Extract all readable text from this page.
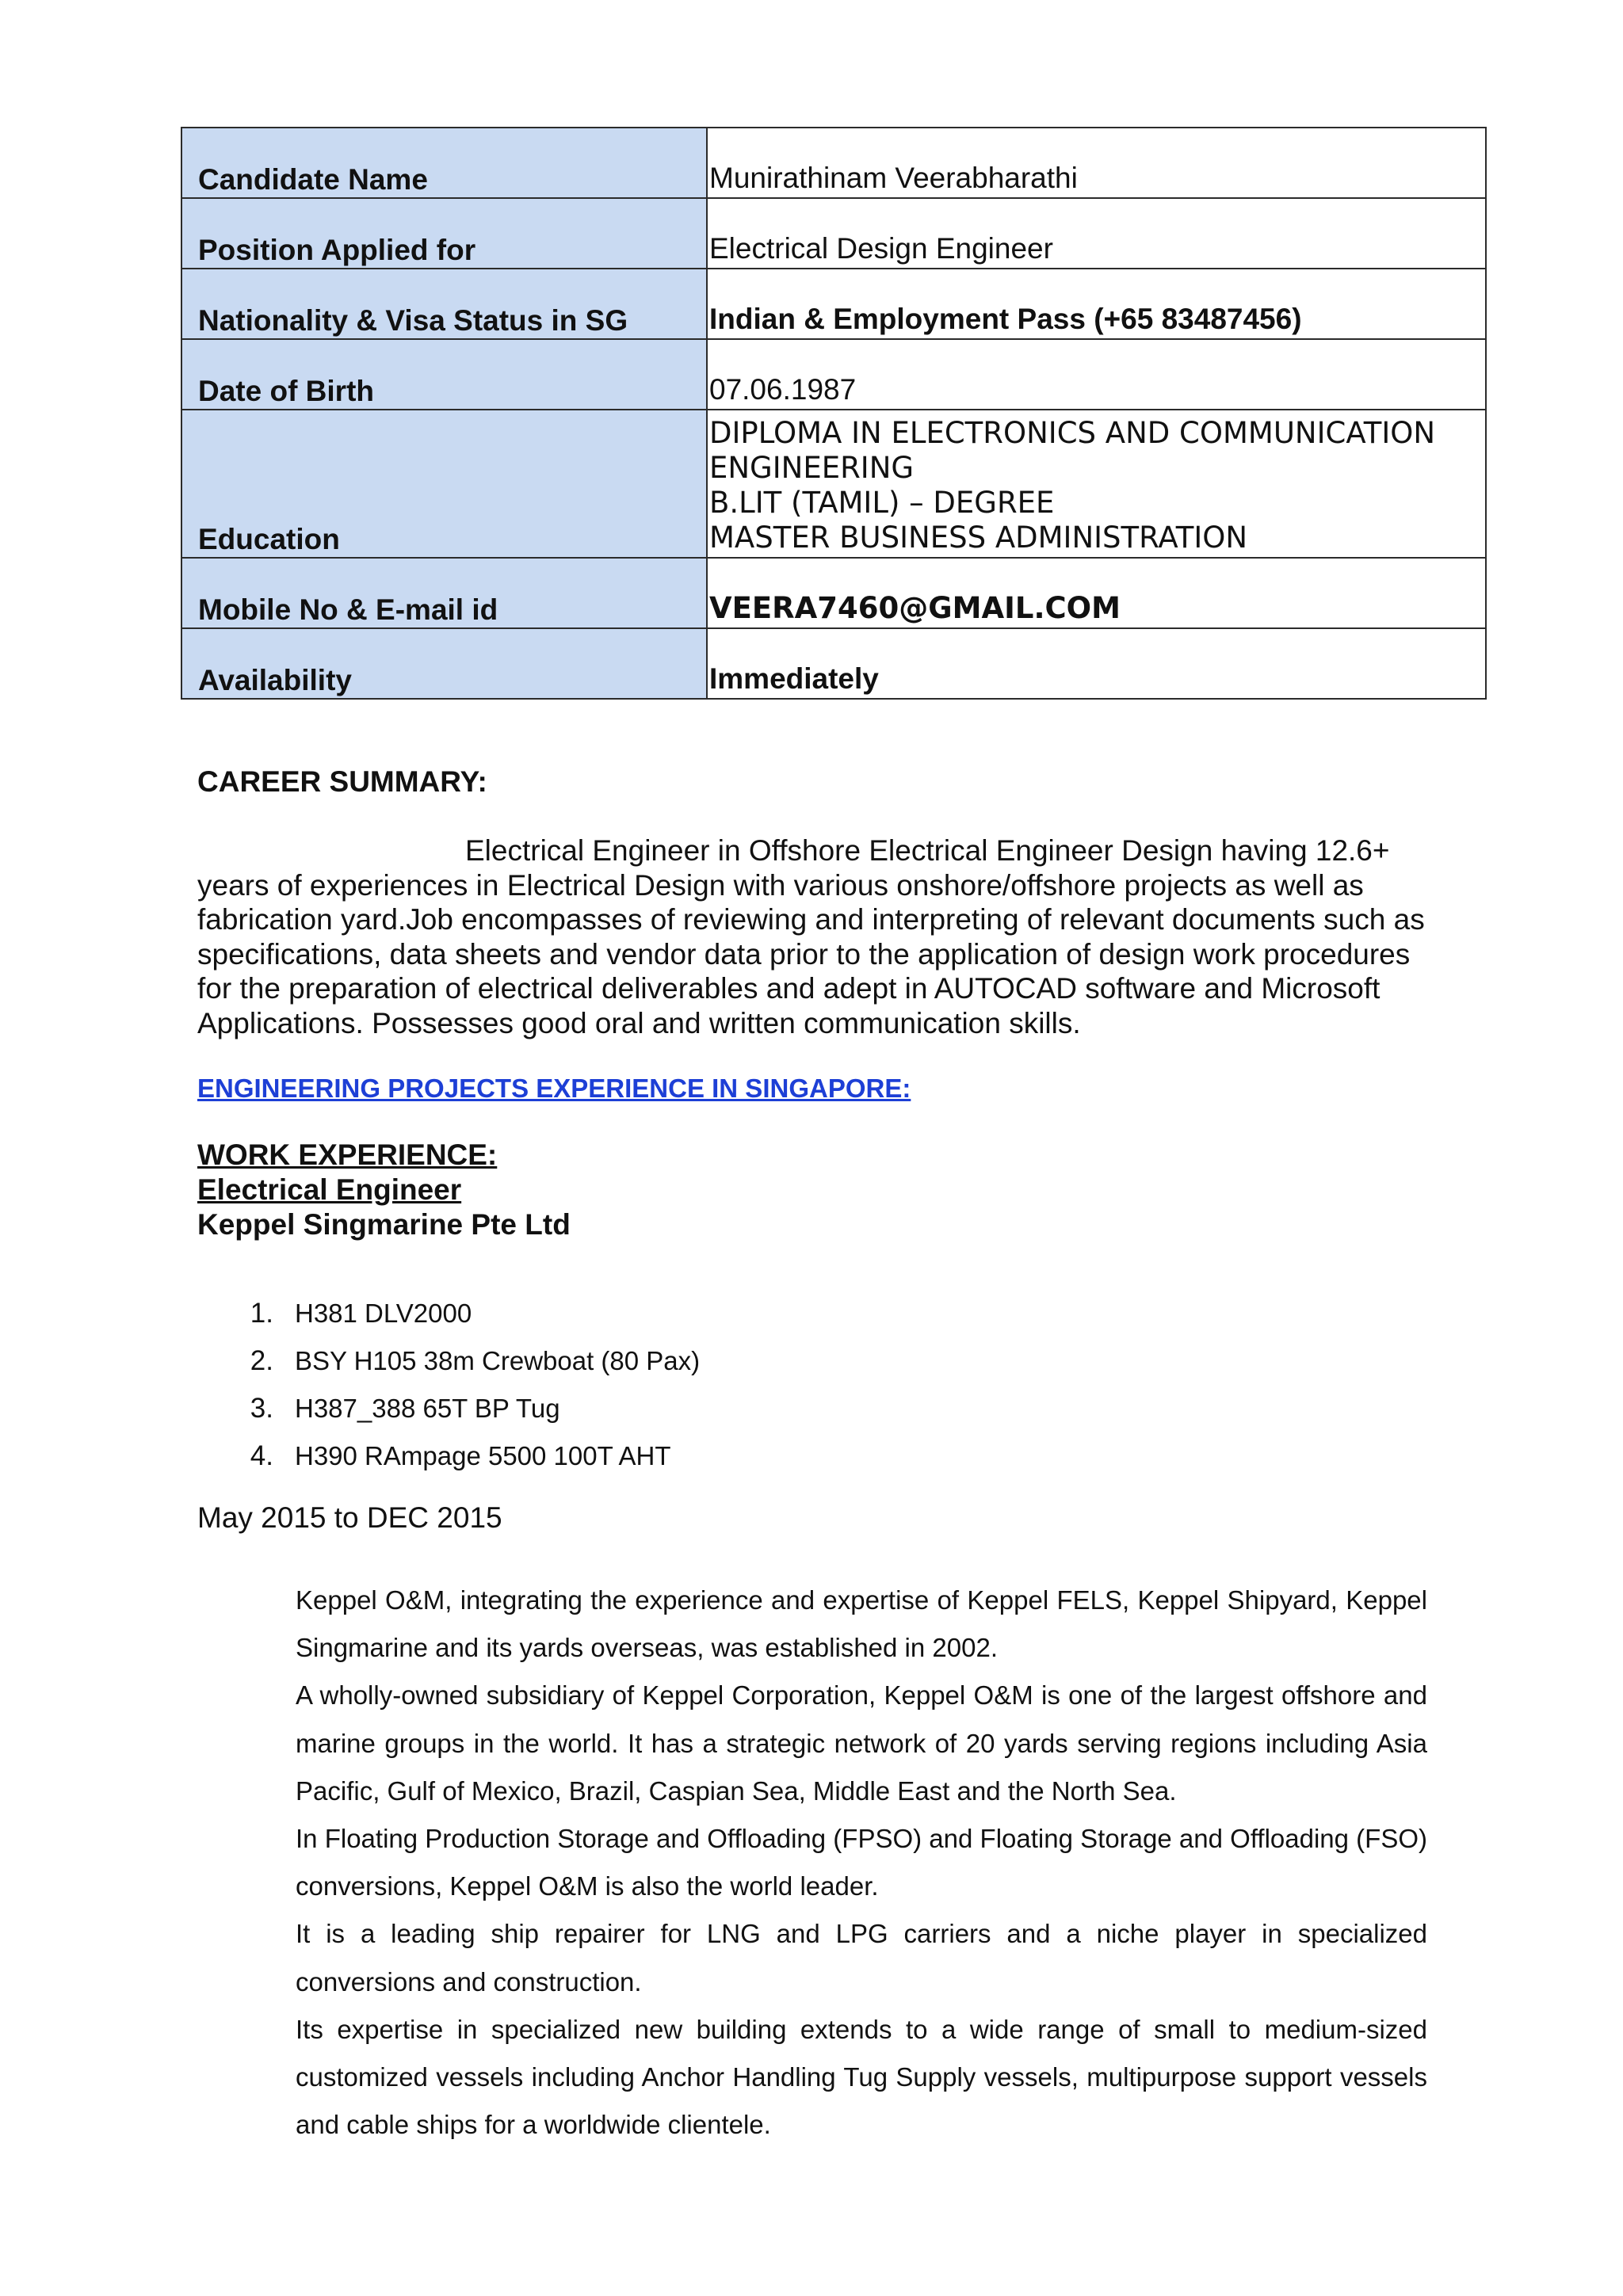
Candidate Name	Munirathinam Veerabharathi
Position Applied for	Electrical Design Engineer
Nationality & Visa Status in SG	Indian & Employment Pass (+65 83487456)
Date of Birth	07.06.1987
Education	DIPLOMA IN ELECTRONICS AND COMMUNICATION
ENGINEERING
B.LIT (TAMIL) – DEGREE
MASTER BUSINESS ADMINISTRATION

Mobile No & E-mail id	VEERA7460@GMAIL.COM
Availability	Immediately
CAREER SUMMARY:
Electrical Engineer in Offshore Electrical Engineer Design having 12.6+ years of experiences in Electrical Design with various onshore/offshore projects as well as fabrication yard.Job encompasses of reviewing and interpreting of relevant documents such as specifications, data sheets and vendor data prior to the application of design work procedures for the preparation of electrical deliverables and adept in AUTOCAD software and Microsoft Applications. Possesses good oral and written communication skills.
ENGINEERING PROJECTS EXPERIENCE IN SINGAPORE:
WORK EXPERIENCE:
Electrical Engineer
Keppel Singmarine Pte Ltd
1. H381 DLV2000
2. BSY H105 38m Crewboat (80 Pax)
3. H387_388 65T BP Tug
4. H390 RAmpage 5500 100T AHT
May 2015 to DEC 2015

Keppel O&M, integrating the experience and expertise of Keppel FELS, Keppel Shipyard, Keppel Singmarine and its yards overseas, was established in 2002.

A wholly-owned subsidiary of Keppel Corporation, Keppel O&M is one of the largest offshore and marine groups in the world. It has a strategic network of 20 yards serving regions including Asia Pacific, Gulf of Mexico, Brazil, Caspian Sea, Middle East and the North Sea.

In Floating Production Storage and Offloading (FPSO) and Floating Storage and Offloading (FSO) conversions, Keppel O&M is also the world leader.

It is a leading ship repairer for LNG and LPG carriers and a niche player in specialized conversions and construction.

Its expertise in specialized new building extends to a wide range of small to medium-sized customized vessels including Anchor Handling Tug Supply vessels, multipurpose support vessels and cable ships for a worldwide clientele.
